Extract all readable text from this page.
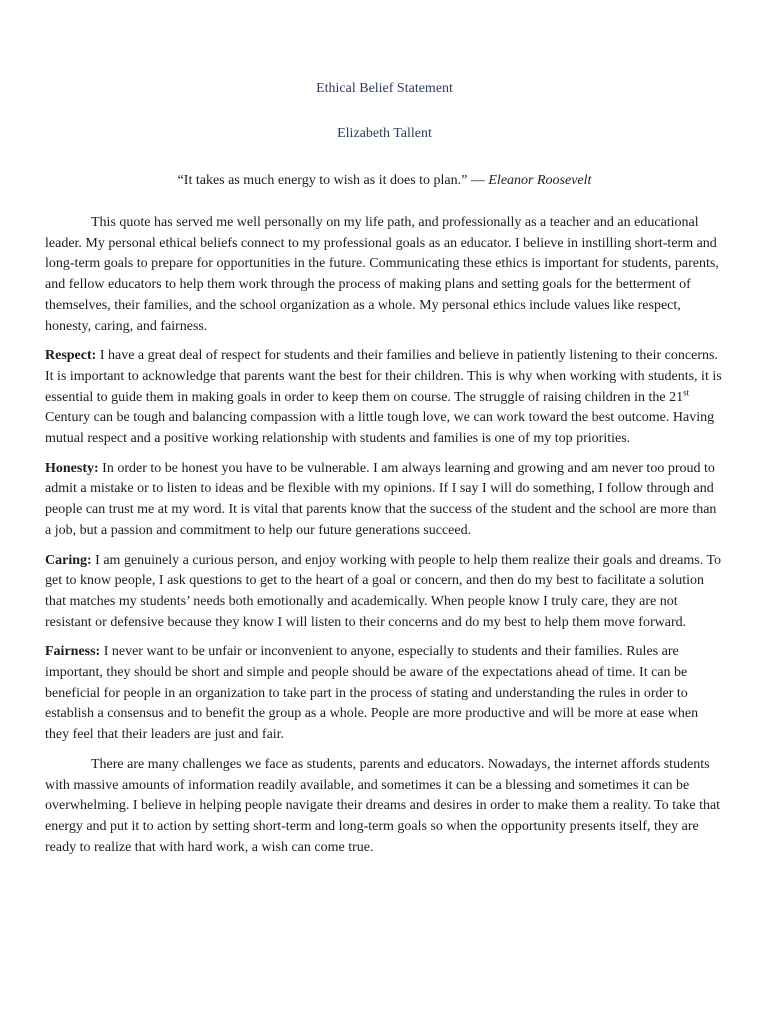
Ethical Belief Statement

Elizabeth Tallent

“It takes as much energy to wish as it does to plan.” — Eleanor Roosevelt

This quote has served me well personally on my life path, and professionally as a teacher and an educational leader. My personal ethical beliefs connect to my professional goals as an educator. I believe in instilling short-term and long-term goals to prepare for opportunities in the future. Communicating these ethics is important for students, parents, and fellow educators to help them work through the process of making plans and setting goals for the betterment of themselves, their families, and the school organization as a whole. My personal ethics include values like respect, honesty, caring, and fairness.

Respect: I have a great deal of respect for students and their families and believe in patiently listening to their concerns. It is important to acknowledge that parents want the best for their children. This is why when working with students, it is essential to guide them in making goals in order to keep them on course. The struggle of raising children in the 21st Century can be tough and balancing compassion with a little tough love, we can work toward the best outcome. Having mutual respect and a positive working relationship with students and families is one of my top priorities.

Honesty: In order to be honest you have to be vulnerable. I am always learning and growing and am never too proud to admit a mistake or to listen to ideas and be flexible with my opinions. If I say I will do something, I follow through and people can trust me at my word. It is vital that parents know that the success of the student and the school are more than a job, but a passion and commitment to help our future generations succeed.

Caring: I am genuinely a curious person, and enjoy working with people to help them realize their goals and dreams. To get to know people, I ask questions to get to the heart of a goal or concern, and then do my best to facilitate a solution that matches my students’ needs both emotionally and academically. When people know I truly care, they are not resistant or defensive because they know I will listen to their concerns and do my best to help them move forward.

Fairness: I never want to be unfair or inconvenient to anyone, especially to students and their families. Rules are important, they should be short and simple and people should be aware of the expectations ahead of time. It can be beneficial for people in an organization to take part in the process of stating and understanding the rules in order to establish a consensus and to benefit the group as a whole. People are more productive and will be more at ease when they feel that their leaders are just and fair.

There are many challenges we face as students, parents and educators. Nowadays, the internet affords students with massive amounts of information readily available, and sometimes it can be a blessing and sometimes it can be overwhelming. I believe in helping people navigate their dreams and desires in order to make them a reality. To take that energy and put it to action by setting short-term and long-term goals so when the opportunity presents itself, they are ready to realize that with hard work, a wish can come true.
